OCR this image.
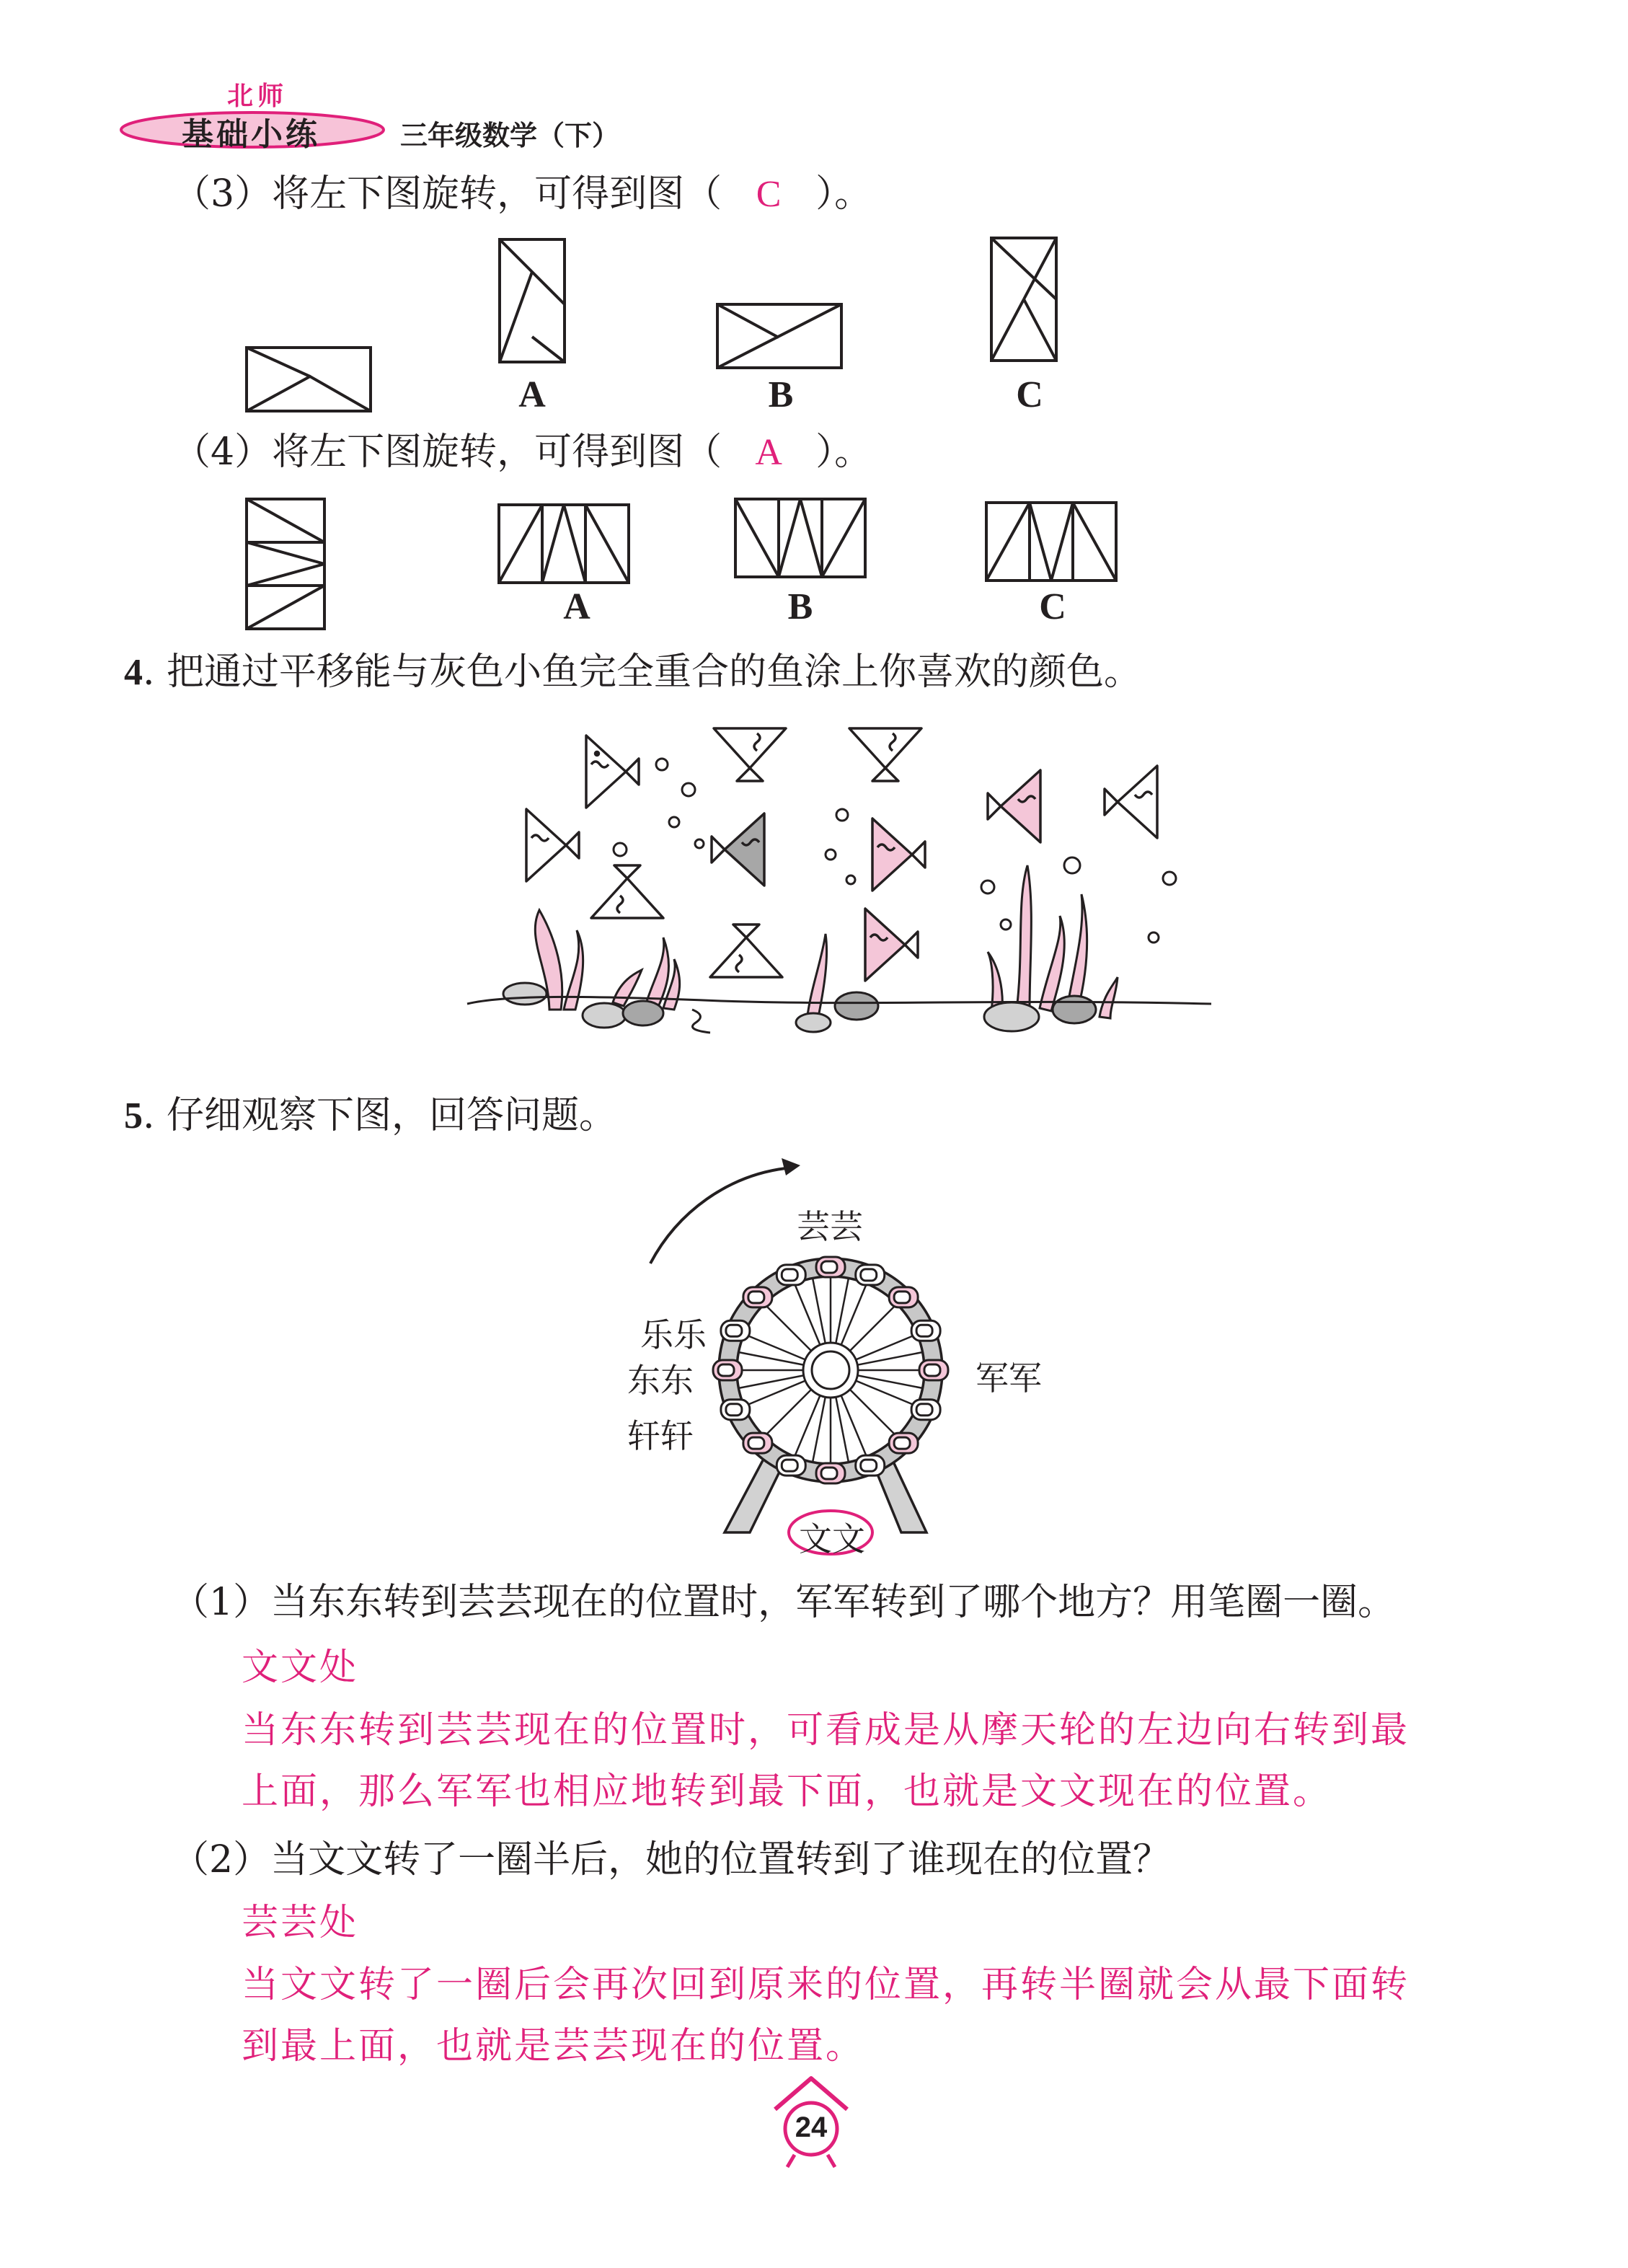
北师
基础小练	三年级数学（下）
（3）将左下图旋转，可得到图（ C ）。
A	B	C
（4）将左下图旋转，可得到图（ A ）。
A	B	C
4. 把通过平移能与灰色小鱼完全重合的鱼涂上你喜欢的颜色。
5. 仔细观察下图，回答问题。
芸芸
乐乐
东东
轩轩
军军
文文
（1）当东东转到芸芸现在的位置时，军军转到了哪个地方？用笔圈一圈。
文文处
当东东转到芸芸现在的位置时，可看成是从摩天轮的左边向右转到最
上面，那么军军也相应地转到最下面，也就是文文现在的位置。
（2）当文文转了一圈半后，她的位置转到了谁现在的位置？
芸芸处
当文文转了一圈后会再次回到原来的位置，再转半圈就会从最下面转
到最上面，也就是芸芸现在的位置。
24
